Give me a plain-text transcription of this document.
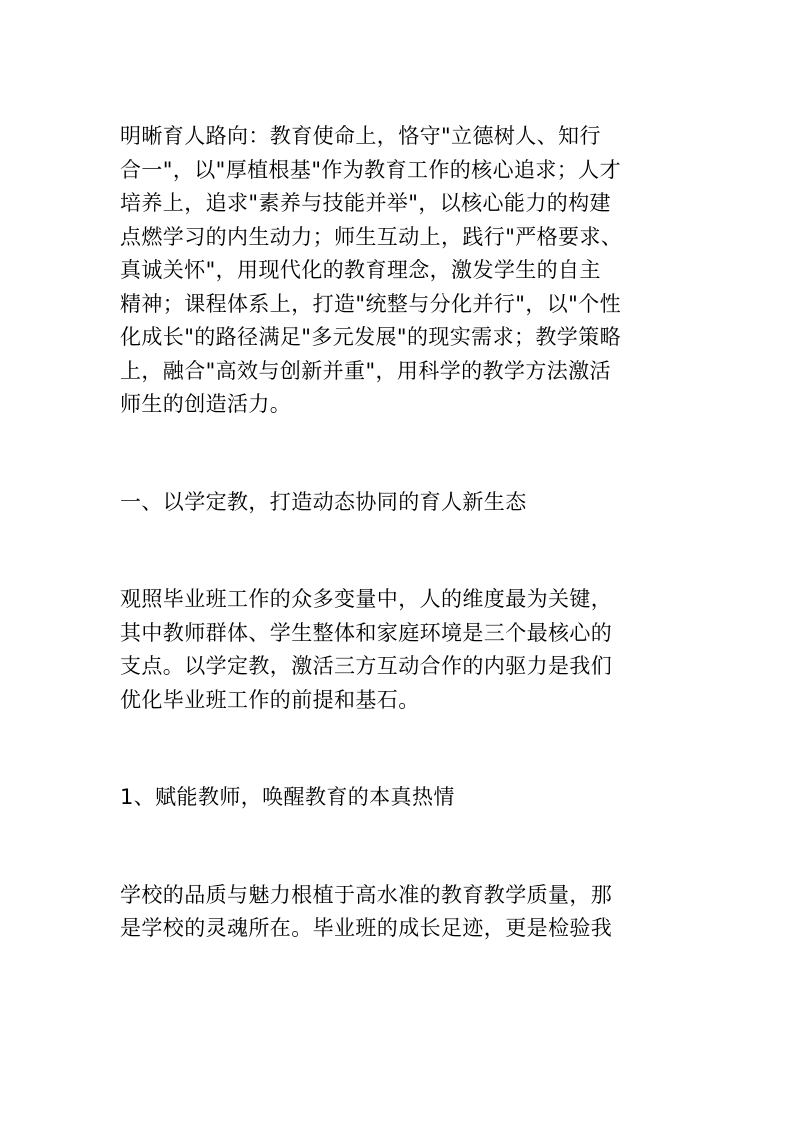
明晰育人路向：教育使命上，恪守"立德树人、知行
合一"，以"厚植根基"作为教育工作的核心追求；人才
培养上，追求"素养与技能并举"，以核心能力的构建
点燃学习的内生动力；师生互动上，践行"严格要求、
真诚关怀"，用现代化的教育理念，激发学生的自主
精神；课程体系上，打造"统整与分化并行"，以"个性
化成长"的路径满足"多元发展"的现实需求；教学策略
上，融合"高效与创新并重"，用科学的教学方法激活
师生的创造活力。
一、以学定教，打造动态协同的育人新生态
观照毕业班工作的众多变量中，人的维度最为关键，
其中教师群体、学生整体和家庭环境是三个最核心的
支点。以学定教，激活三方互动合作的内驱力是我们
优化毕业班工作的前提和基石。
1、赋能教师，唤醒教育的本真热情
学校的品质与魅力根植于高水准的教育教学质量，那
是学校的灵魂所在。毕业班的成长足迹，更是检验我
